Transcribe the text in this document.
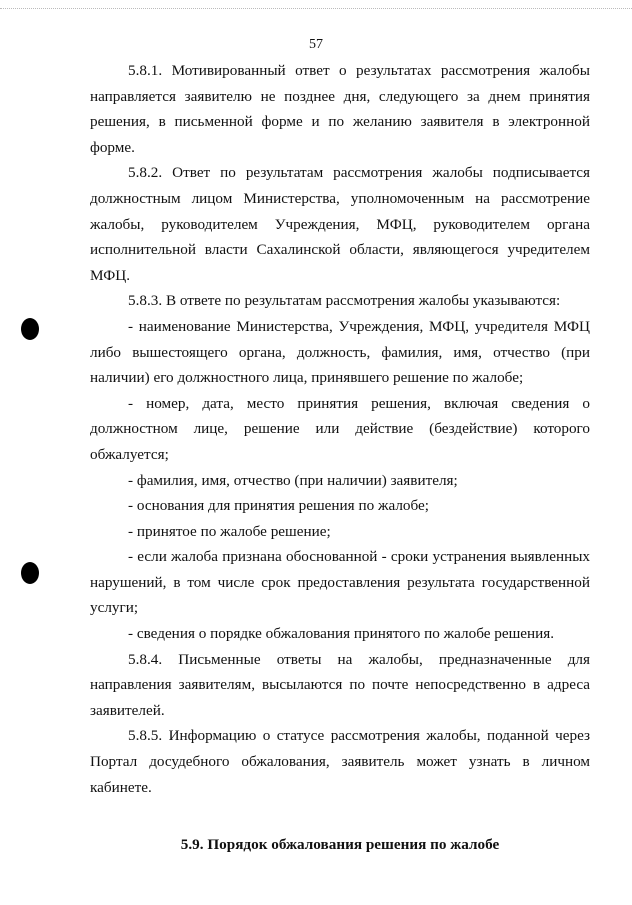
57

5.8.1. Мотивированный ответ о результатах рассмотрения жалобы направляется заявителю не позднее дня, следующего за днем принятия решения, в письменной форме и по желанию заявителя в электронной форме.

5.8.2. Ответ по результатам рассмотрения жалобы подписывается должностным лицом Министерства, уполномоченным на рассмотрение жалобы, руководителем Учреждения, МФЦ, руководителем органа исполнительной власти Сахалинской области, являющегося учредителем МФЦ.

5.8.3. В ответе по результатам рассмотрения жалобы указываются:

- наименование Министерства, Учреждения, МФЦ, учредителя МФЦ либо вышестоящего органа, должность, фамилия, имя, отчество (при наличии) его должностного лица, принявшего решение по жалобе;

- номер, дата, место принятия решения, включая сведения о должностном лице, решение или действие (бездействие) которого обжалуется;

- фамилия, имя, отчество (при наличии) заявителя;

- основания для принятия решения по жалобе;

- принятое по жалобе решение;

- если жалоба признана обоснованной - сроки устранения выявленных нарушений, в том числе срок предоставления результата государственной услуги;

- сведения о порядке обжалования принятого по жалобе решения.

5.8.4. Письменные ответы на жалобы, предназначенные для направления заявителям, высылаются по почте непосредственно в адреса заявителей.

5.8.5. Информацию о статусе рассмотрения жалобы, поданной через Портал досудебного обжалования, заявитель может узнать в личном кабинете.

5.9. Порядок обжалования решения по жалобе
